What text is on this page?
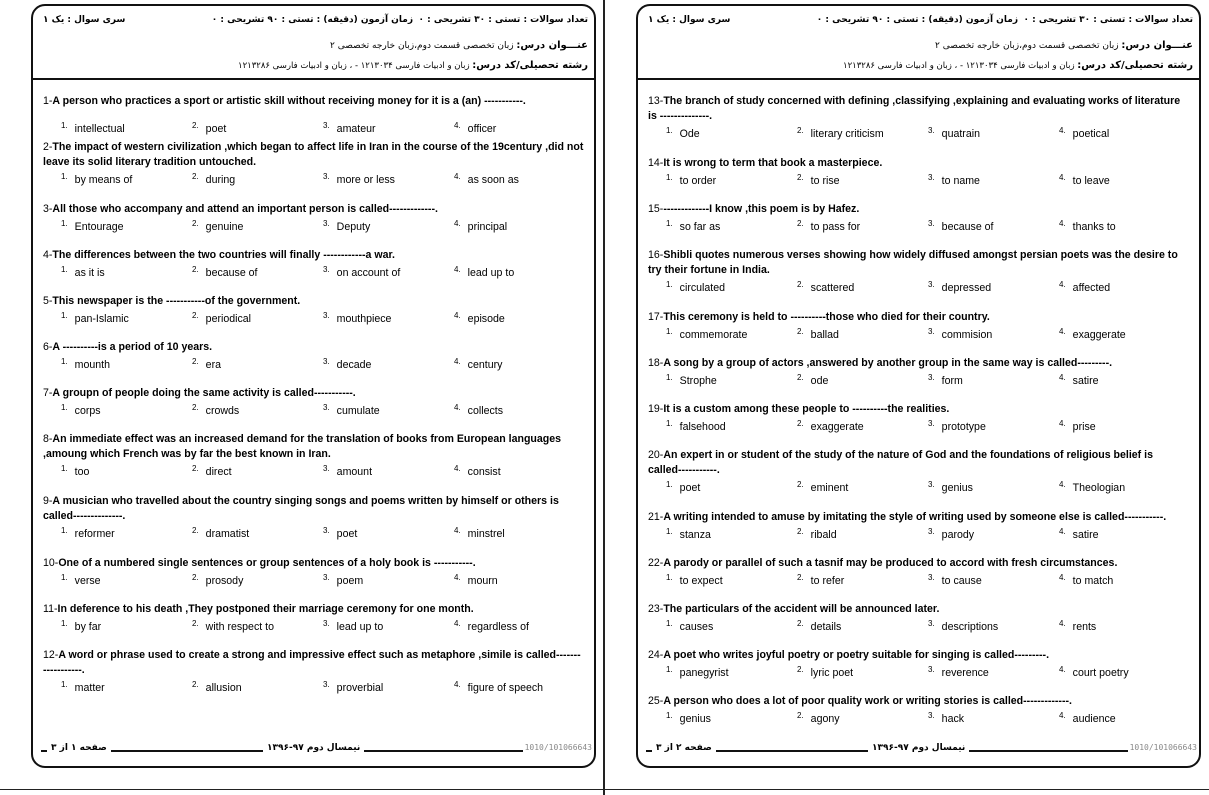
تعداد سوالات : تستی : ۳۰ تشریحی : ۰
زمان آزمون (دقیقه) : تستی : ۹۰ تشریحی : ۰
سری سوال : یک ۱
عنـــوان درس: زبان تخصصی قسمت دوم،زبان خارجه تخصصی ۲
رشته تحصیلی/کد درس: زبان و ادبیات فارسی ۱۲۱۳۰۳۴ - ، زبان و ادبیات فارسی ۱۲۱۳۲۸۶
1-A person who practices a sport or artistic skill without receiving money for it is a (an) -----------.
$^{1.}$ intellectual	$^{2.}$ poet	$^{3.}$ amateur	$^{4.}$ officer
2-The impact of western civilization ,which began to affect life in Iran in the course of the 19century ,did not leave its solid literary tradition untouched.
$^{1.}$ by means of	$^{2.}$ during	$^{3.}$ more or less	$^{4.}$ as soon as
3-All those who accompany and attend an important person is called-------------.
$^{1.}$ Entourage	$^{2.}$ genuine	$^{3.}$ Deputy	$^{4.}$ principal
4-The differences between the two countries will finally ------------a war.
$^{1.}$ as it is	$^{2.}$ because of	$^{3.}$ on account of	$^{4.}$ lead up to
5-This newspaper is the -----------of the government.
$^{1.}$ pan-Islamic	$^{2.}$ periodical	$^{3.}$ mouthpiece	$^{4.}$ episode
6-A ----------is a period of 10 years.
$^{1.}$ mounth	$^{2.}$ era	$^{3.}$ decade	$^{4.}$ century
7-A groupn of people doing the same activity is called-----------.
$^{1.}$ corps	$^{2.}$ crowds	$^{3.}$ cumulate	$^{4.}$ collects
8-An immediate effect was an increased demand for the translation of books from European languages ,amoung which French was by far the best known in Iran.
$^{1.}$ too	$^{2.}$ direct	$^{3.}$ amount	$^{4.}$ consist
9-A musician who travelled about the country singing songs and poems written by himself or others is called--------------.
$^{1.}$ reformer	$^{2.}$ dramatist	$^{3.}$ poet	$^{4.}$ minstrel
10-One of a numbered single sentences or group sentences of a holy book is -----------.
$^{1.}$ verse	$^{2.}$ prosody	$^{3.}$ poem	$^{4.}$ mourn
11-In deference to his death ,They postponed their marriage ceremony for one month.
$^{1.}$ by far	$^{2.}$ with respect to	$^{3.}$ lead up to	$^{4.}$ regardless of
12-A word or phrase used to create a strong and impressive effect such as metaphore ,simile is called------------------.
$^{1.}$ matter	$^{2.}$ allusion	$^{3.}$ proverbial	$^{4.}$ figure of speech
صفحه ۱ از ۳	نیمسال دوم ۹۷-۱۳۹۶	1010/101066643
تعداد سوالات : تستی : ۳۰ تشریحی : ۰
زمان آزمون (دقیقه) : تستی : ۹۰ تشریحی : ۰
سری سوال : یک ۱
عنـــوان درس: زبان تخصصی قسمت دوم،زبان خارجه تخصصی ۲
رشته تحصیلی/کد درس: زبان و ادبیات فارسی ۱۲۱۳۰۳۴ - ، زبان و ادبیات فارسی ۱۲۱۳۲۸۶
13-The branch of study concerned with defining ,classifying ,explaining and evaluating works of literature is --------------.
$^{1.}$ Ode	$^{2.}$ literary criticism	$^{3.}$ quatrain	$^{4.}$ poetical
14-It is wrong to term that book a masterpiece.
$^{1.}$ to order	$^{2.}$ to rise	$^{3.}$ to name	$^{4.}$ to leave
15--------------I know ,this poem is by Hafez.
$^{1.}$ so far as	$^{2.}$ to pass for	$^{3.}$ because of	$^{4.}$ thanks to
16-Shibli quotes numerous verses showing how widely diffused amongst persian poets was the desire to try their fortune in India.
$^{1.}$ circulated	$^{2.}$ scattered	$^{3.}$ depressed	$^{4.}$ affected
17-This ceremony is held to ----------those who died for their country.
$^{1.}$ commemorate	$^{2.}$ ballad	$^{3.}$ commision	$^{4.}$ exaggerate
18-A song by a group of actors ,answered by another group in the same way is called---------.
$^{1.}$ Strophe	$^{2.}$ ode	$^{3.}$ form	$^{4.}$ satire
19-It is a custom among these people to ----------the realities.
$^{1.}$ falsehood	$^{2.}$ exaggerate	$^{3.}$ prototype	$^{4.}$ prise
20-An expert in or student of the study of the nature of God and the foundations of religious belief is called-----------.
$^{1.}$ poet	$^{2.}$ eminent	$^{3.}$ genius	$^{4.}$ Theologian
21-A writing intended to amuse by imitating the style of writing used by someone else is called-----------.
$^{1.}$ stanza	$^{2.}$ ribald	$^{3.}$ parody	$^{4.}$ satire
22-A parody or parallel of such a tasnif may be produced to accord with fresh circumstances.
$^{1.}$ to expect	$^{2.}$ to refer	$^{3.}$ to cause	$^{4.}$ to match
23-The particulars of the accident will be announced later.
$^{1.}$ causes	$^{2.}$ details	$^{3.}$ descriptions	$^{4.}$ rents
24-A poet who writes joyful poetry or poetry suitable for singing is called---------.
$^{1.}$ panegyrist	$^{2.}$ lyric poet	$^{3.}$ reverence	$^{4.}$ court poetry
25-A person who does a lot of poor quality work or writing stories is called-------------.
$^{1.}$ genius	$^{2.}$ agony	$^{3.}$ hack	$^{4.}$ audience
صفحه ۲ از ۳	نیمسال دوم ۹۷-۱۳۹۶	1010/101066643
